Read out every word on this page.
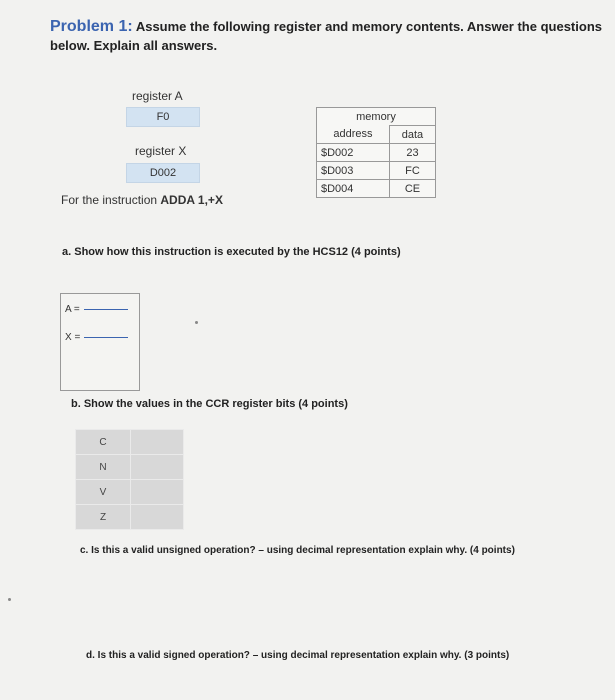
Problem 1: Assume the following register and memory contents. Answer the questions
below. Explain all answers.
register A
F0
register X
D002
For the instruction ADDA 1,+X
memory	
address	data
$D002	23
$D003	FC
$D004	CE
a. Show how this instruction is executed by the HCS12 (4 points)
A =
X =
b. Show the values in the CCR register bits (4 points)
C	
N	
V	
Z	
c. Is this a valid unsigned operation? – using decimal representation explain why. (4 points)
d. Is this a valid signed operation? – using decimal representation explain why. (3 points)
